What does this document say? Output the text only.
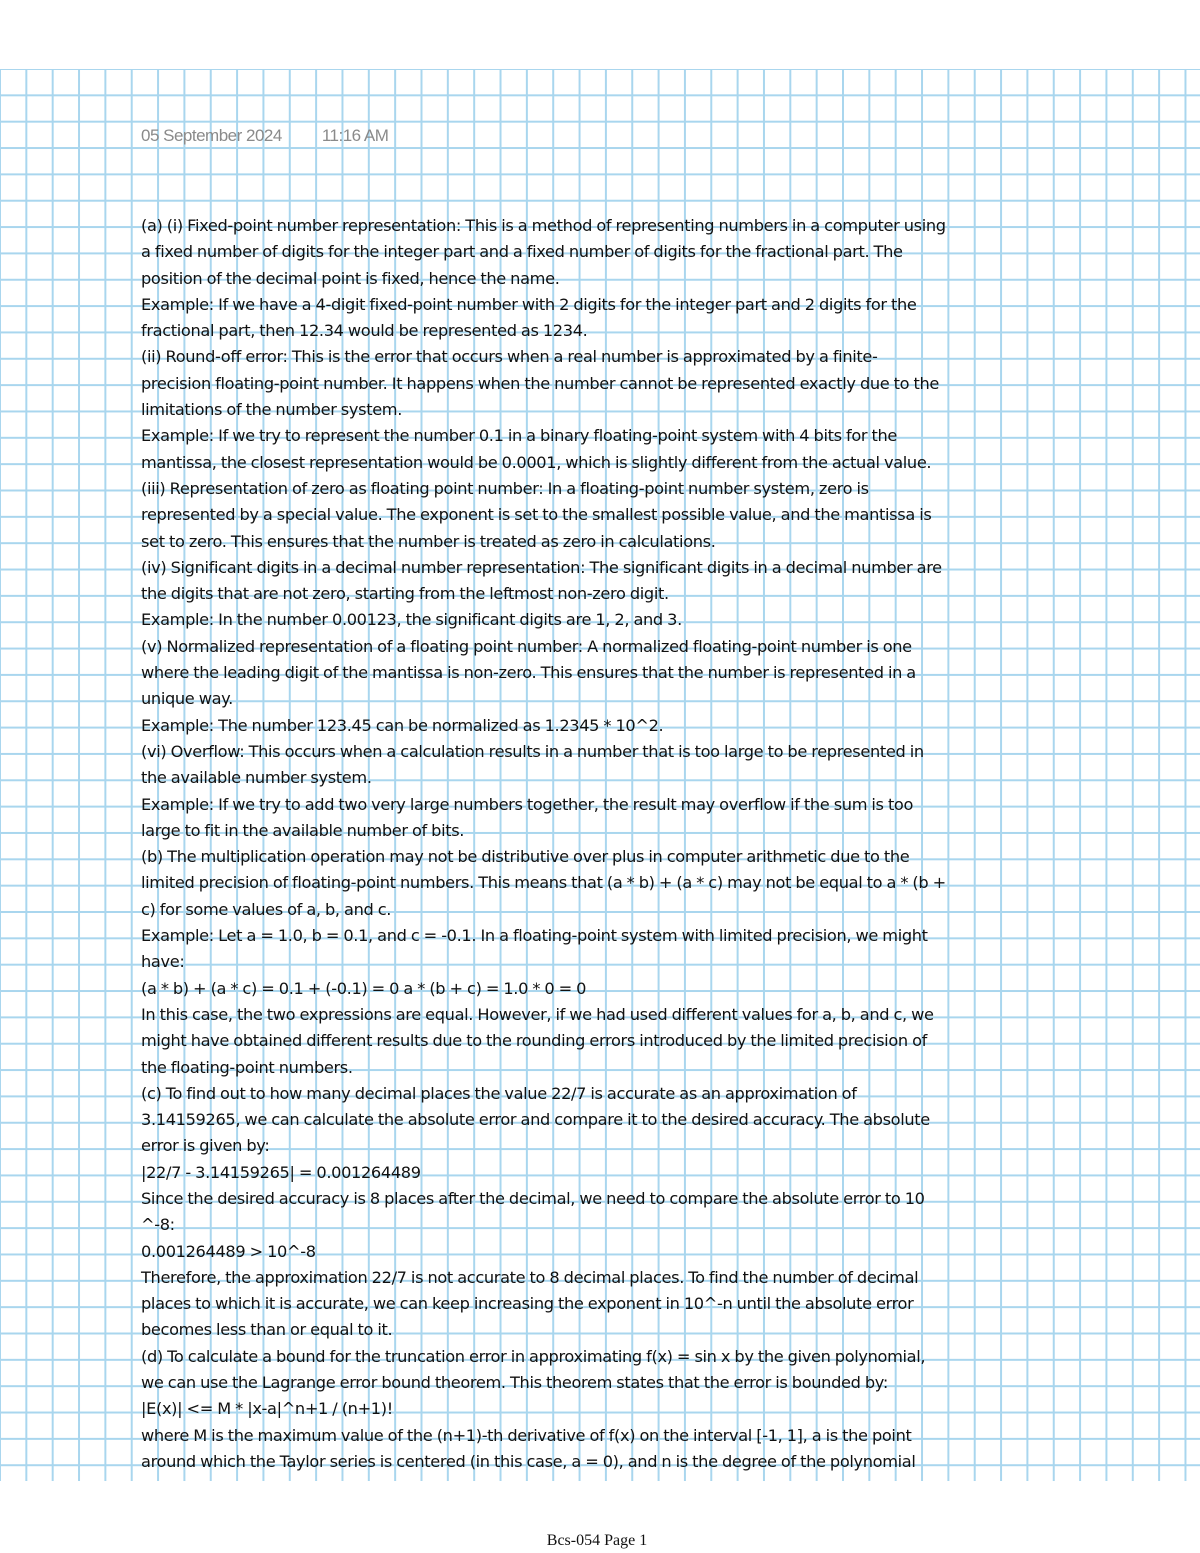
05 September 2024 11:16 AM
(a) (i) Fixed-point number representation: This is a method of representing numbers in a computer using
a fixed number of digits for the integer part and a fixed number of digits for the fractional part. The
position of the decimal point is fixed, hence the name.
Example: If we have a 4-digit fixed-point number with 2 digits for the integer part and 2 digits for the
fractional part, then 12.34 would be represented as 1234.
(ii) Round-off error: This is the error that occurs when a real number is approximated by a finite-
precision floating-point number. It happens when the number cannot be represented exactly due to the
limitations of the number system.
Example: If we try to represent the number 0.1 in a binary floating-point system with 4 bits for the
mantissa, the closest representation would be 0.0001, which is slightly different from the actual value.
(iii) Representation of zero as floating point number: In a floating-point number system, zero is
represented by a special value. The exponent is set to the smallest possible value, and the mantissa is
set to zero. This ensures that the number is treated as zero in calculations.
(iv) Significant digits in a decimal number representation: The significant digits in a decimal number are
the digits that are not zero, starting from the leftmost non-zero digit.
Example: In the number 0.00123, the significant digits are 1, 2, and 3.
(v) Normalized representation of a floating point number: A normalized floating-point number is one
where the leading digit of the mantissa is non-zero. This ensures that the number is represented in a
unique way.
Example: The number 123.45 can be normalized as 1.2345 * 10^2.
(vi) Overflow: This occurs when a calculation results in a number that is too large to be represented in
the available number system.
Example: If we try to add two very large numbers together, the result may overflow if the sum is too
large to fit in the available number of bits.
(b) The multiplication operation may not be distributive over plus in computer arithmetic due to the
limited precision of floating-point numbers. This means that (a * b) + (a * c) may not be equal to a * (b +
c) for some values of a, b, and c.
Example: Let a = 1.0, b = 0.1, and c = -0.1. In a floating-point system with limited precision, we might
have:
(a * b) + (a * c) = 0.1 + (-0.1) = 0 a * (b + c) = 1.0 * 0 = 0
In this case, the two expressions are equal. However, if we had used different values for a, b, and c, we
might have obtained different results due to the rounding errors introduced by the limited precision of
the floating-point numbers.
(c) To find out to how many decimal places the value 22/7 is accurate as an approximation of
3.14159265, we can calculate the absolute error and compare it to the desired accuracy. The absolute
error is given by:
|22/7 - 3.14159265| = 0.001264489
Since the desired accuracy is 8 places after the decimal, we need to compare the absolute error to 10
^-8:
0.001264489 > 10^-8
Therefore, the approximation 22/7 is not accurate to 8 decimal places. To find the number of decimal
places to which it is accurate, we can keep increasing the exponent in 10^-n until the absolute error
becomes less than or equal to it.
(d) To calculate a bound for the truncation error in approximating f(x) = sin x by the given polynomial,
we can use the Lagrange error bound theorem. This theorem states that the error is bounded by:
|E(x)| <= M * |x-a|^n+1 / (n+1)!
where M is the maximum value of the (n+1)-th derivative of f(x) on the interval [-1, 1], a is the point
around which the Taylor series is centered (in this case, a = 0), and n is the degree of the polynomial
Bcs-054 Page 1
